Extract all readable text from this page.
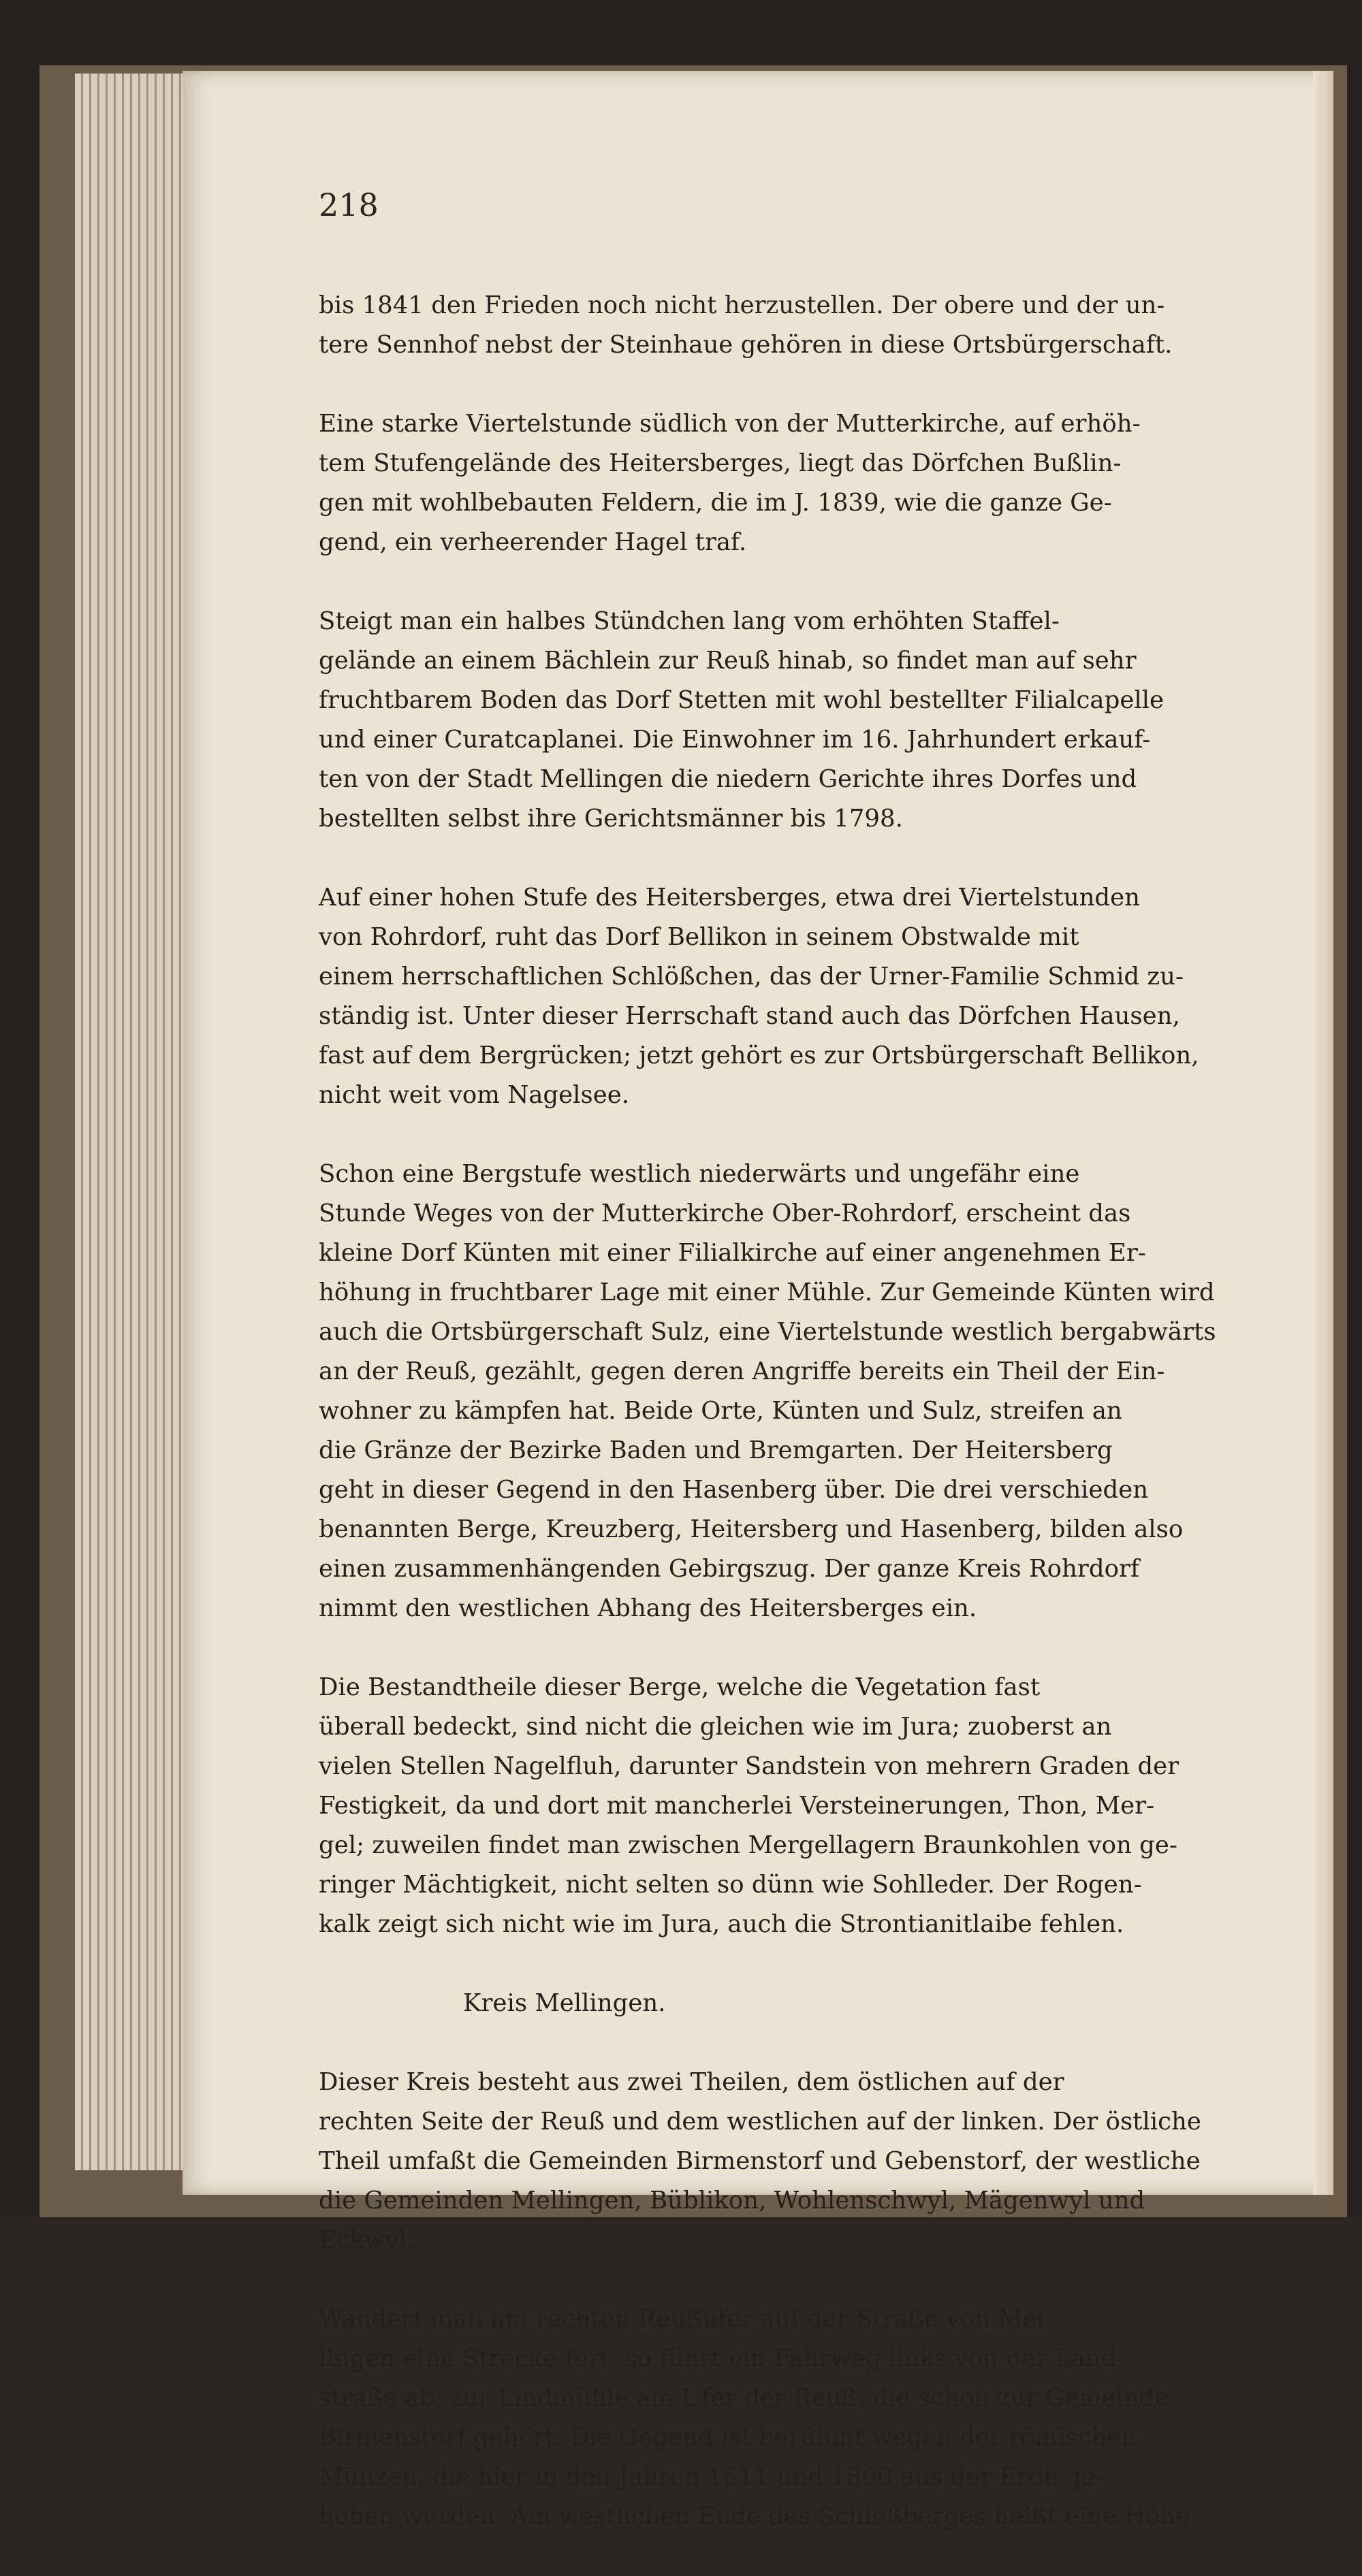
218

bis 1841 den Frieden noch nicht herzustellen. Der obere und der un-
tere Sennhof nebst der Steinhaue gehören in diese Ortsbürgerschaft.

Eine starke Viertelstunde südlich von der Mutterkirche, auf erhöh-
tem Stufengelände des Heitersberges, liegt das Dörfchen Bußlin-
gen mit wohlbebauten Feldern, die im J. 1839, wie die ganze Ge-
gend, ein verheerender Hagel traf.

Steigt man ein halbes Stündchen lang vom erhöhten Staffel-
gelände an einem Bächlein zur Reuß hinab, so findet man auf sehr
fruchtbarem Boden das Dorf Stetten mit wohl bestellter Filialcapelle
und einer Curatcaplanei. Die Einwohner im 16. Jahrhundert erkauf-
ten von der Stadt Mellingen die niedern Gerichte ihres Dorfes und
bestellten selbst ihre Gerichtsmänner bis 1798.

Auf einer hohen Stufe des Heitersberges, etwa drei Viertelstunden
von Rohrdorf, ruht das Dorf Bellikon in seinem Obstwalde mit
einem herrschaftlichen Schlößchen, das der Urner-Familie Schmid zu-
ständig ist. Unter dieser Herrschaft stand auch das Dörfchen Hausen,
fast auf dem Bergrücken; jetzt gehört es zur Ortsbürgerschaft Bellikon,
nicht weit vom Nagelsee.

Schon eine Bergstufe westlich niederwärts und ungefähr eine
Stunde Weges von der Mutterkirche Ober-Rohrdorf, erscheint das
kleine Dorf Künten mit einer Filialkirche auf einer angenehmen Er-
höhung in fruchtbarer Lage mit einer Mühle. Zur Gemeinde Künten wird
auch die Ortsbürgerschaft Sulz, eine Viertelstunde westlich bergabwärts
an der Reuß, gezählt, gegen deren Angriffe bereits ein Theil der Ein-
wohner zu kämpfen hat. Beide Orte, Künten und Sulz, streifen an
die Gränze der Bezirke Baden und Bremgarten. Der Heitersberg
geht in dieser Gegend in den Hasenberg über. Die drei verschieden
benannten Berge, Kreuzberg, Heitersberg und Hasenberg, bilden also
einen zusammenhängenden Gebirgszug. Der ganze Kreis Rohrdorf
nimmt den westlichen Abhang des Heitersberges ein.

Die Bestandtheile dieser Berge, welche die Vegetation fast
überall bedeckt, sind nicht die gleichen wie im Jura; zuoberst an
vielen Stellen Nagelfluh, darunter Sandstein von mehrern Graden der
Festigkeit, da und dort mit mancherlei Versteinerungen, Thon, Mer-
gel; zuweilen findet man zwischen Mergellagern Braunkohlen von ge-
ringer Mächtigkeit, nicht selten so dünn wie Sohlleder. Der Rogen-
kalk zeigt sich nicht wie im Jura, auch die Strontianitlaibe fehlen.

Kreis Mellingen.

Dieser Kreis besteht aus zwei Theilen, dem östlichen auf der
rechten Seite der Reuß und dem westlichen auf der linken. Der östliche
Theil umfaßt die Gemeinden Birmenstorf und Gebenstorf, der westliche
die Gemeinden Mellingen, Büblikon, Wohlenschwyl, Mägenwyl und
Eckwyl.

Wandert man am rechten Reußufer auf der Straße von Mel-
lingen eine Strecke fort, so führt ein Fahrweg links von der Land-
straße ab, zur Lindmühle am Ufer der Reuß, die schon zur Gemeinde
Birmenstorf gehört. Die Gegend ist berühmt wegen der römischen
Münzen, die hier in den Jahren 1611 und 1800 aus der Erde ge-
hoben wurden. Am westlichen Ende des Schloßberges heißt eine Höhe
